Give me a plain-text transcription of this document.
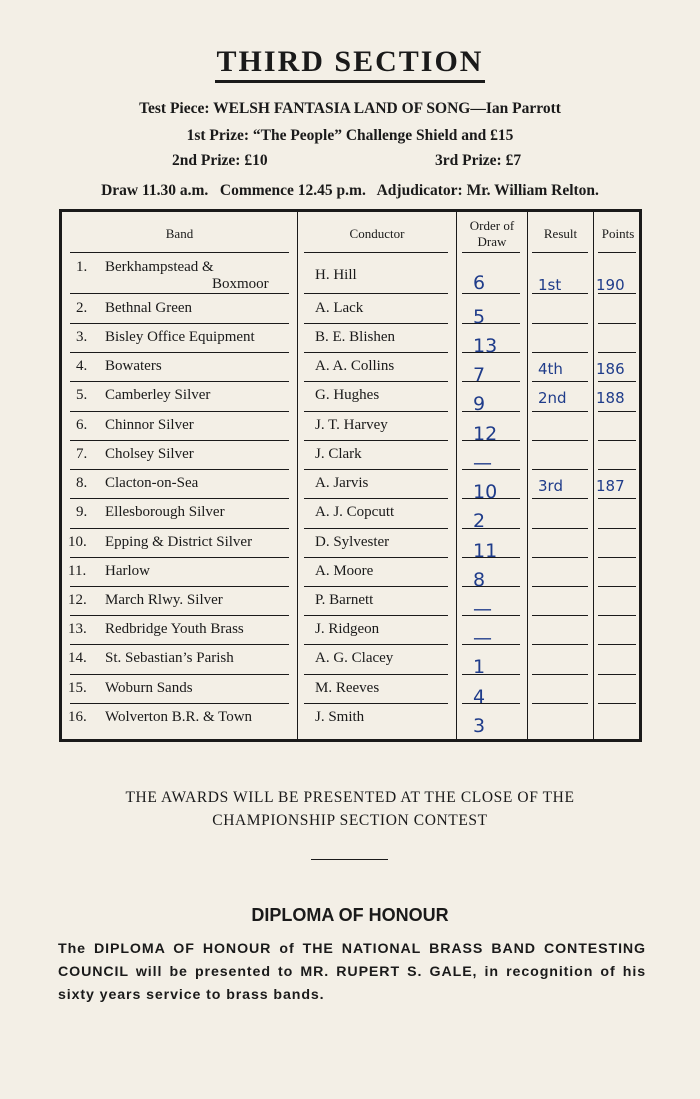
THIRD SECTION
Test Piece: WELSH FANTASIA LAND OF SONG—Ian Parrott
1st Prize: “The People” Challenge Shield and £15
2nd Prize: £10	3rd Prize: £7
Draw 11.30 a.m.   Commence 12.45 p.m.   Adjudicator: Mr. William Relton.
Band	Conductor
Order of Draw
Result	Points
1. Berkhampstead &
Boxmoor
H. Hill	6	1st 190
2. Bethnal Green	A. Lack	5
3. Bisley Office Equipment	B. E. Blishen	13
4. Bowaters	A. A. Collins	7	4th 186
5. Camberley Silver	G. Hughes	9	2nd 188
6. Chinnor Silver	J. T. Harvey	12
7. Cholsey Silver	J. Clark	—
8. Clacton-on-Sea	A. Jarvis	10	3rd 187
9. Ellesborough Silver	A. J. Copcutt	2
10. Epping & District Silver	D. Sylvester	11
11. Harlow	A. Moore	8
12. March Rlwy. Silver	P. Barnett	—
13. Redbridge Youth Brass	J. Ridgeon	—
14. St. Sebastian’s Parish	A. G. Clacey	1
15. Woburn Sands	M. Reeves	4
16. Wolverton B.R. & Town	J. Smith	3
THE AWARDS WILL BE PRESENTED AT THE CLOSE OF THE
CHAMPIONSHIP SECTION CONTEST
DIPLOMA OF HONOUR
The DIPLOMA OF HONOUR of THE NATIONAL BRASS BAND CONTESTING COUNCIL will be presented to MR. RUPERT S. GALE, in recognition of his sixty years service to brass bands.
